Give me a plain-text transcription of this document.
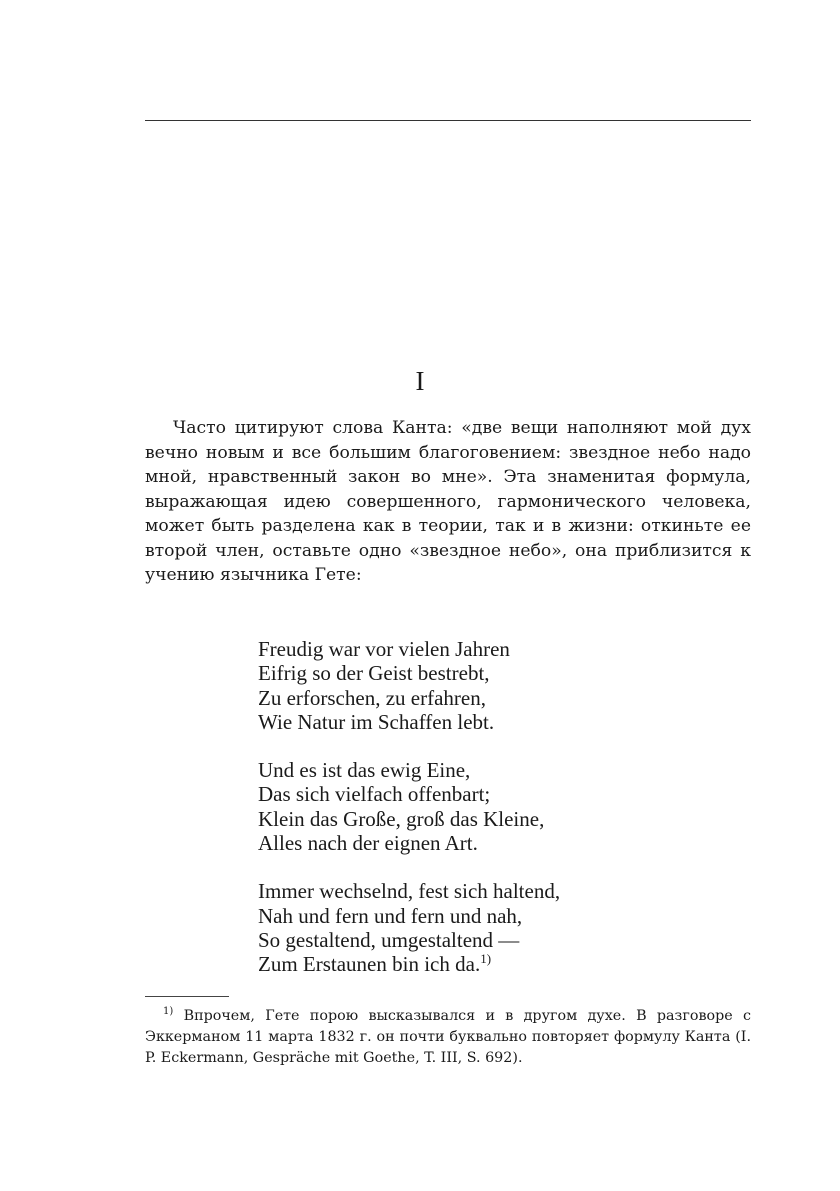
I

Часто цитируют слова Канта: «две вещи наполняют мой дух вечно новым и все большим благоговением: звездное небо надо мной, нравственный закон во мне». Эта знаменитая формула, выражающая идею совершенного, гармонического человека, может быть разделена как в теории, так и в жизни: откиньте ее второй член, оставьте одно «звездное небо», она приблизится к учению язычника Гете:

Freudig war vor vielen Jahren
Eifrig so der Geist bestrebt,
Zu erforschen, zu erfahren,
Wie Natur im Schaffen lebt.
Und es ist das ewig Eine,
Das sich vielfach offenbart;
Klein das Große, groß das Kleine,
Alles nach der eignen Art.
Immer wechselnd, fest sich haltend,
Nah und fern und fern und nah,
So gestaltend, umgestaltend —
Zum Erstaunen bin ich da.$^{1)}$

$^{1)}$ Впрочем, Гете порою высказывался и в другом духе. В разговоре с Эккерманом 11 марта 1832 г. он почти буквально повторяет формулу Канта (I. P. Eckermann, Gespräche mit Goethe, T. III, S. 692).
